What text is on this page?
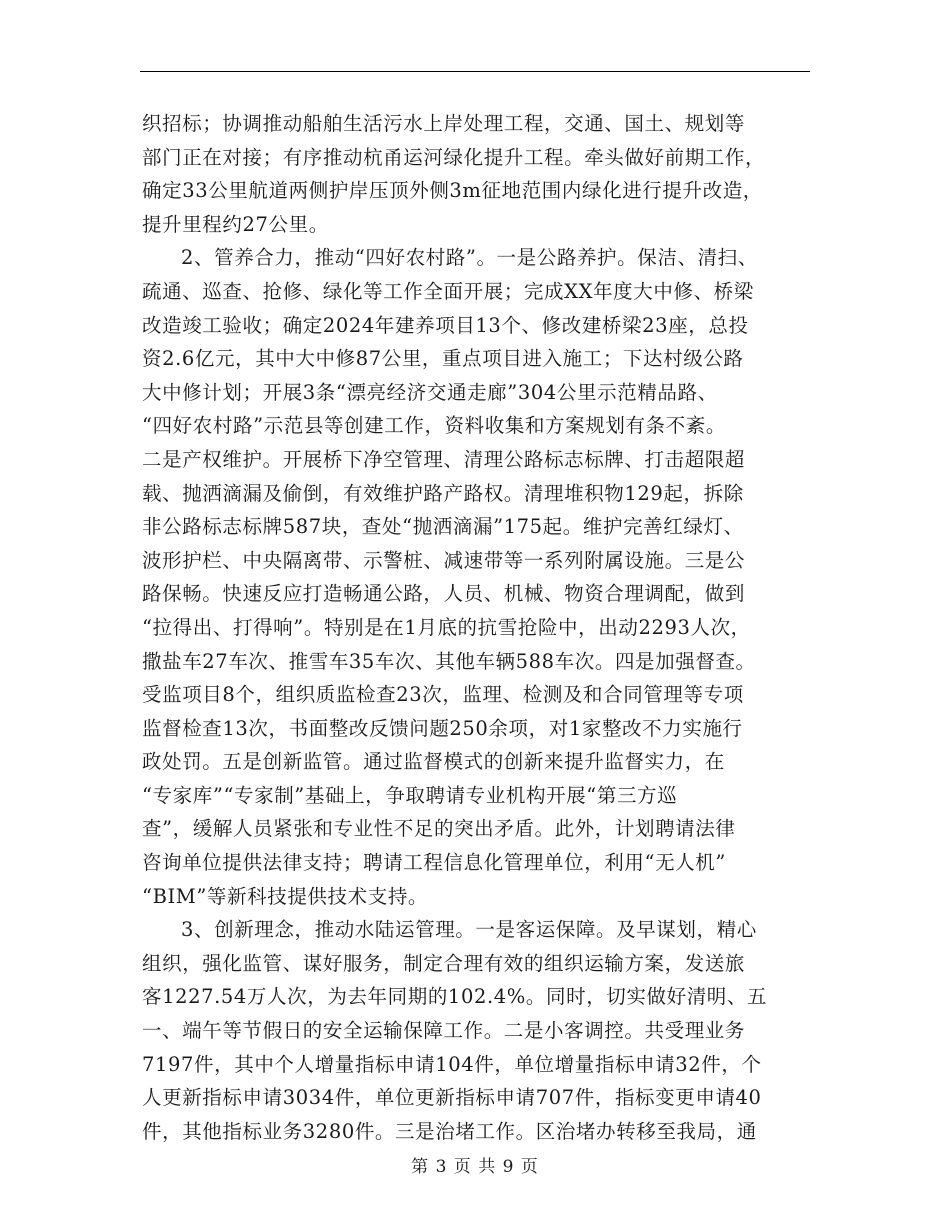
织招标；协调推动船舶生活污水上岸处理工程，交通、国土、规划等
部门正在对接；有序推动杭甬运河绿化提升工程。牵头做好前期工作，
确定33公里航道两侧护岸压顶外侧3m征地范围内绿化进行提升改造，
提升里程约27公里。
2、管养合力，推动“四好农村路”。一是公路养护。保洁、清扫、
疏通、巡查、抢修、绿化等工作全面开展；完成XX年度大中修、桥梁
改造竣工验收；确定2024年建养项目13个、修改建桥梁23座，总投
资2.6亿元，其中大中修87公里，重点项目进入施工；下达村级公路
大中修计划；开展3条“漂亮经济交通走廊”304公里示范精品路、
“四好农村路”示范县等创建工作，资料收集和方案规划有条不紊。
二是产权维护。开展桥下净空管理、清理公路标志标牌、打击超限超
载、抛洒滴漏及偷倒，有效维护路产路权。清理堆积物129起，拆除
非公路标志标牌587块，查处“抛洒滴漏”175起。维护完善红绿灯、
波形护栏、中央隔离带、示警桩、减速带等一系列附属设施。三是公
路保畅。快速反应打造畅通公路，人员、机械、物资合理调配，做到
“拉得出、打得响”。特别是在1月底的抗雪抢险中，出动2293人次，
撒盐车27车次、推雪车35车次、其他车辆588车次。四是加强督查。
受监项目8个，组织质监检查23次，监理、检测及和合同管理等专项
监督检查13次，书面整改反馈问题250余项，对1家整改不力实施行
政处罚。五是创新监管。通过监督模式的创新来提升监督实力，在
“专家库”“专家制”基础上，争取聘请专业机构开展“第三方巡
查”，缓解人员紧张和专业性不足的突出矛盾。此外，计划聘请法律
咨询单位提供法律支持；聘请工程信息化管理单位，利用“无人机”
“BIM”等新科技提供技术支持。
3、创新理念，推动水陆运管理。一是客运保障。及早谋划，精心
组织，强化监管、谋好服务，制定合理有效的组织运输方案，发送旅
客1227.54万人次，为去年同期的102.4%。同时，切实做好清明、五
一、端午等节假日的安全运输保障工作。二是小客调控。共受理业务
7197件，其中个人增量指标申请104件，单位增量指标申请32件，个
人更新指标申请3034件，单位更新指标申请707件，指标变更申请40
件，其他指标业务3280件。三是治堵工作。区治堵办转移至我局，通
第 3 页 共 9 页
